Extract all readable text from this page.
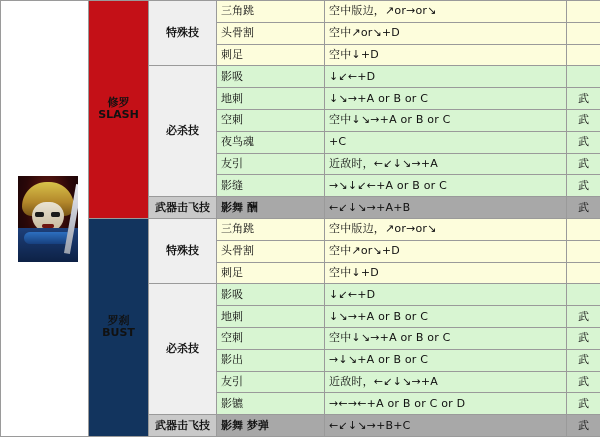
	修罗
SLASH	特殊技	三角跳	空中版边，↗or→or↘	
			头骨割	空中↗or↘+D	
			刺足	空中↓+D	
		必杀技	影吸	↓↙←+D	
			地刺	↓↘→+A or B or C	武
			空刺	空中↓↘→+A or B or C	武
			夜鸟魂	+C	武
			友引	近敌时，←↙↓↘→+A	武
			影缝	→↘↓↙←+A or B or C	武
		武器击飞技	影舞 酬	←↙↓↘→+A+B	武
	罗刹
BUST	特殊技	三角跳	空中版边，↗or→or↘	
			头骨割	空中↗or↘+D	
			刺足	空中↓+D	
		必杀技	影吸	↓↙←+D	
			地刺	↓↘→+A or B or C	武
			空刺	空中↓↘→+A or B or C	武
			影出	→↓↘+A or B or C	武
			友引	近敌时，←↙↓↘→+A	武
			影镳	→←→←+A or B or C or D	武
		武器击飞技	影舞 梦弹	←↙↓↘→+B+C	武
